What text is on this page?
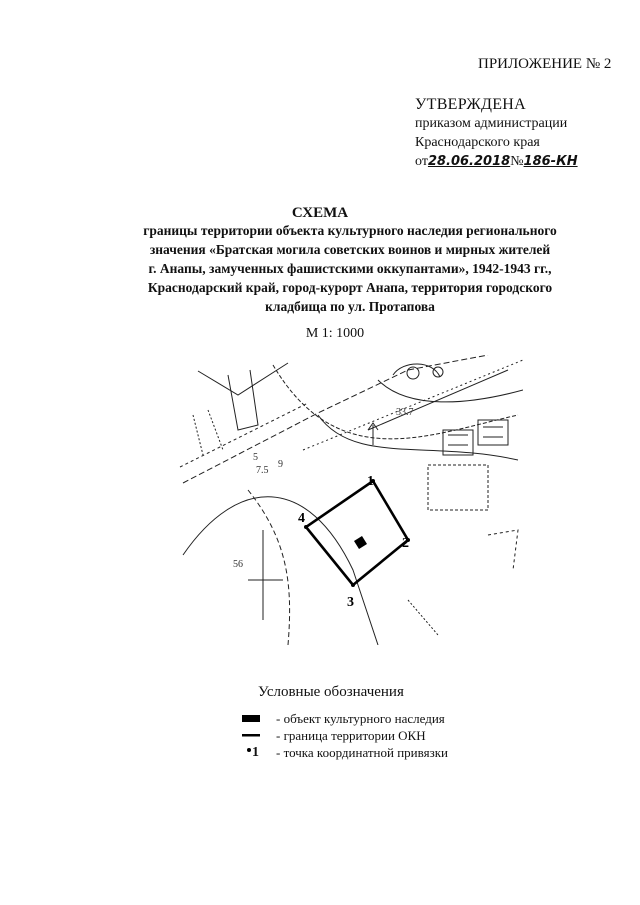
ПРИЛОЖЕНИЕ № 2
УТВЕРЖДЕНА
приказом администрации
Краснодарского края
от28.06.2018№186-КН
СХЕМА
границы территории объекта культурного наследия регионального
значения «Братская могила советских воинов и мирных жителей
г. Анапы, замученных фашистскими оккупантами», 1942-1943 гг.,
Краснодарский край, город-курорт Анапа, территория городского
кладбища по ул. Протапова
М 1: 1000
1
2
3
4
5
9
56
7.5
33.7
Условные обозначения
- объект культурного наследия
- граница территории ОКН
1	- точка координатной привязки
